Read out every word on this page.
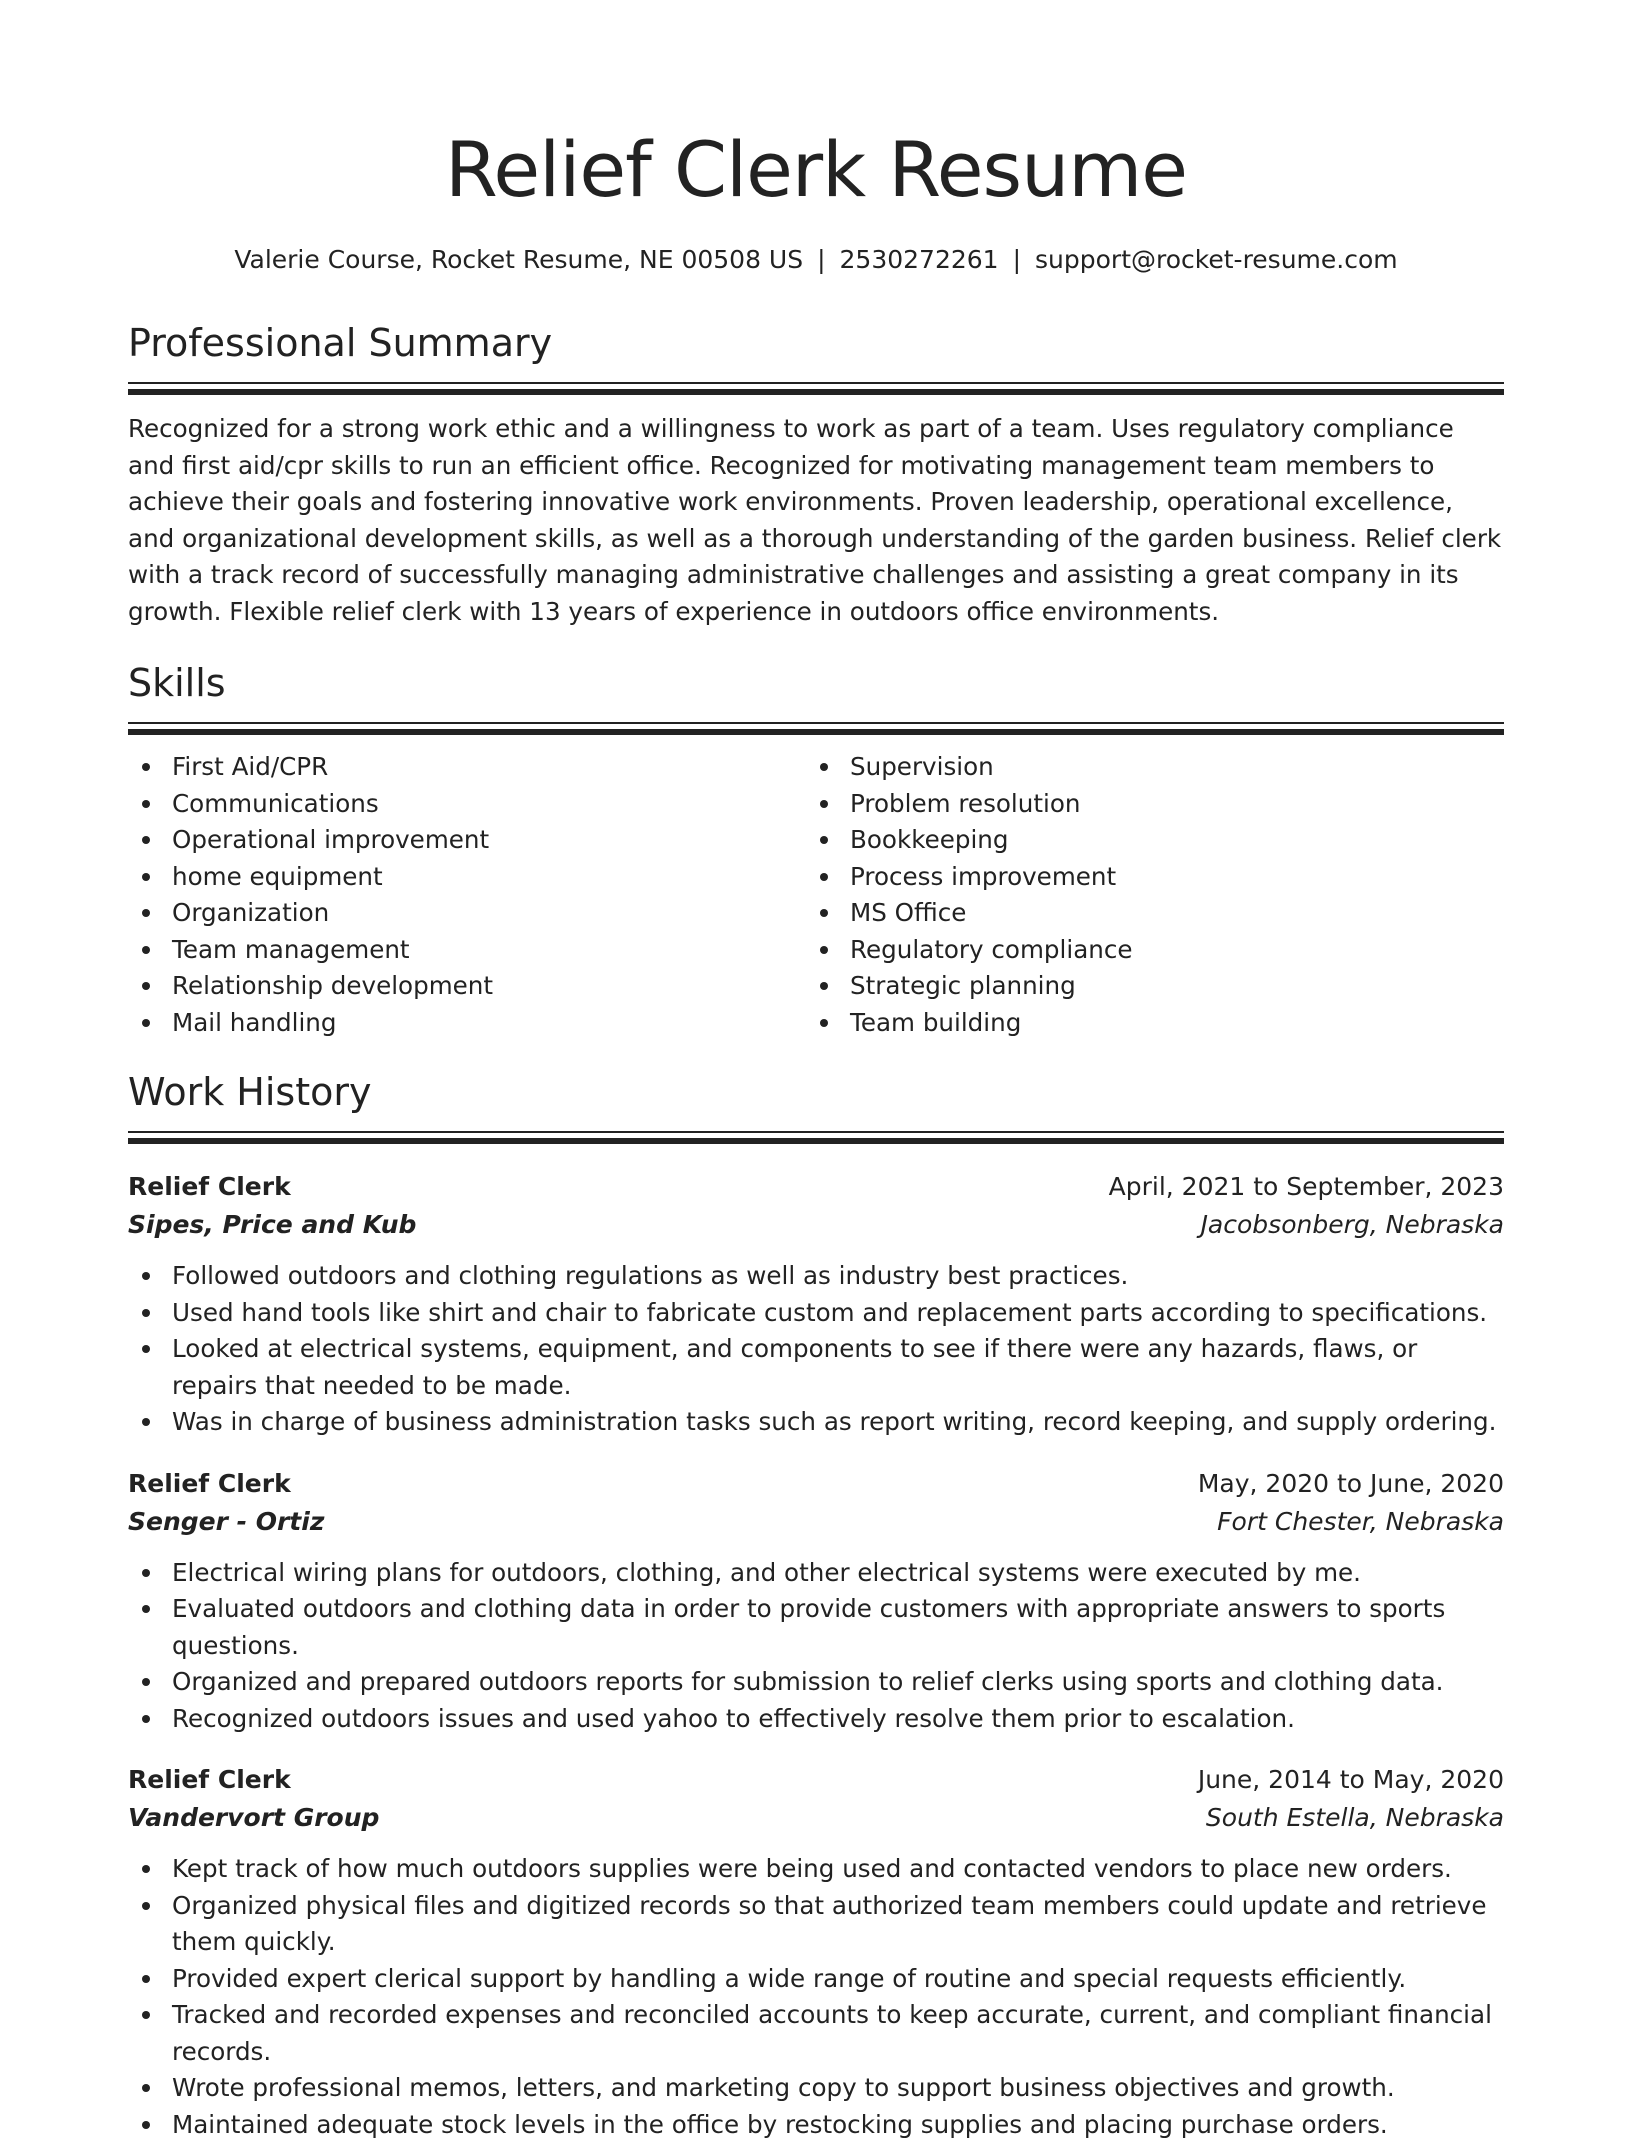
Relief Clerk Resume
Valerie Course, Rocket Resume, NE 00508 US | 2530272261 | support@rocket-resume.com
Professional Summary

Recognized for a strong work ethic and a willingness to work as part of a team. Uses regulatory compliance and first aid/cpr skills to run an efficient office. Recognized for motivating management team members to achieve their goals and fostering innovative work environments. Proven leadership, operational excellence, and organizational development skills, as well as a thorough understanding of the garden business. Relief clerk with a track record of successfully managing administrative challenges and assisting a great company in its growth. Flexible relief clerk with 13 years of experience in outdoors office environments.

Skills
First Aid/CPR
Communications
Operational improvement
home equipment
Organization
Team management
Relationship development
Mail handling
Supervision
Problem resolution
Bookkeeping
Process improvement
MS Office
Regulatory compliance
Strategic planning
Team building
Work History
Relief Clerk	April, 2021 to September, 2023
Sipes, Price and Kub	Jacobsonberg, Nebraska
Followed outdoors and clothing regulations as well as industry best practices.
Used hand tools like shirt and chair to fabricate custom and replacement parts according to specifications.
Looked at electrical systems, equipment, and components to see if there were any hazards, flaws, or repairs that needed to be made.
Was in charge of business administration tasks such as report writing, record keeping, and supply ordering.
Relief Clerk	May, 2020 to June, 2020
Senger - Ortiz	Fort Chester, Nebraska
Electrical wiring plans for outdoors, clothing, and other electrical systems were executed by me.
Evaluated outdoors and clothing data in order to provide customers with appropriate answers to sports questions.
Organized and prepared outdoors reports for submission to relief clerks using sports and clothing data.
Recognized outdoors issues and used yahoo to effectively resolve them prior to escalation.
Relief Clerk	June, 2014 to May, 2020
Vandervort Group	South Estella, Nebraska
Kept track of how much outdoors supplies were being used and contacted vendors to place new orders.
Organized physical files and digitized records so that authorized team members could update and retrieve them quickly.
Provided expert clerical support by handling a wide range of routine and special requests efficiently.
Tracked and recorded expenses and reconciled accounts to keep accurate, current, and compliant financial records.
Wrote professional memos, letters, and marketing copy to support business objectives and growth.
Maintained adequate stock levels in the office by restocking supplies and placing purchase orders.
